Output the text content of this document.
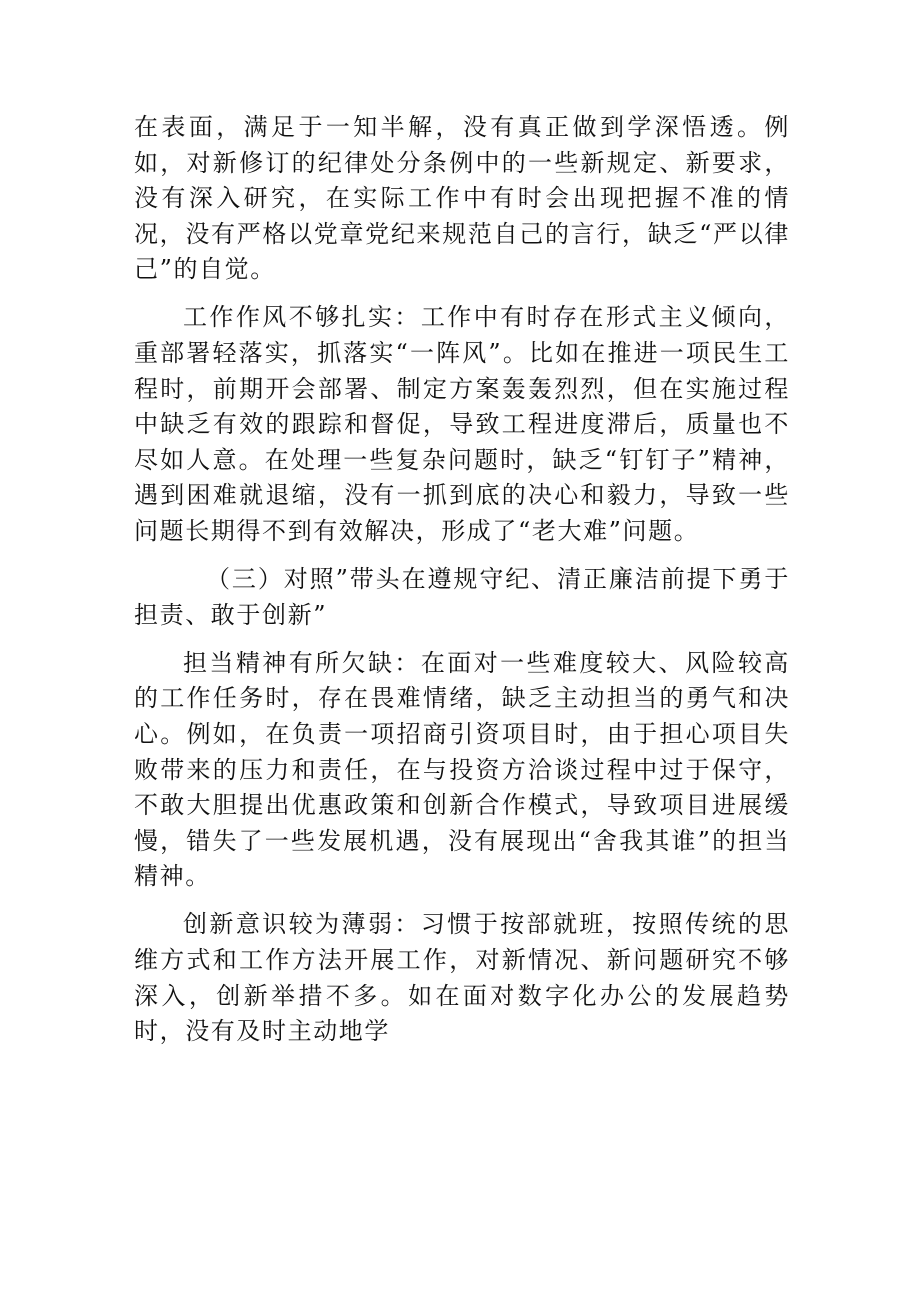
在表面，满足于一知半解，没有真正做到学深悟透。例如，对新修订的纪律处分条例中的一些新规定、新要求，没有深入研究，在实际工作中有时会出现把握不准的情况，没有严格以党章党纪来规范自己的言行，缺乏“严以律己”的自觉。

工作作风不够扎实：工作中有时存在形式主义倾向，重部署轻落实，抓落实“一阵风”。比如在推进一项民生工程时，前期开会部署、制定方案轰轰烈烈，但在实施过程中缺乏有效的跟踪和督促，导致工程进度滞后，质量也不尽如人意。在处理一些复杂问题时，缺乏“钉钉子”精神，遇到困难就退缩，没有一抓到底的决心和毅力，导致一些问题长期得不到有效解决，形成了“老大难”问题。

（三）对照”带头在遵规守纪、清正廉洁前提下勇于担责、敢于创新”

担当精神有所欠缺：在面对一些难度较大、风险较高的工作任务时，存在畏难情绪，缺乏主动担当的勇气和决心。例如，在负责一项招商引资项目时，由于担心项目失败带来的压力和责任，在与投资方洽谈过程中过于保守，不敢大胆提出优惠政策和创新合作模式，导致项目进展缓慢，错失了一些发展机遇，没有展现出“舍我其谁”的担当精神。

创新意识较为薄弱：习惯于按部就班，按照传统的思维方式和工作方法开展工作，对新情况、新问题研究不够深入，创新举措不多。如在面对数字化办公的发展趋势时，没有及时主动地学
